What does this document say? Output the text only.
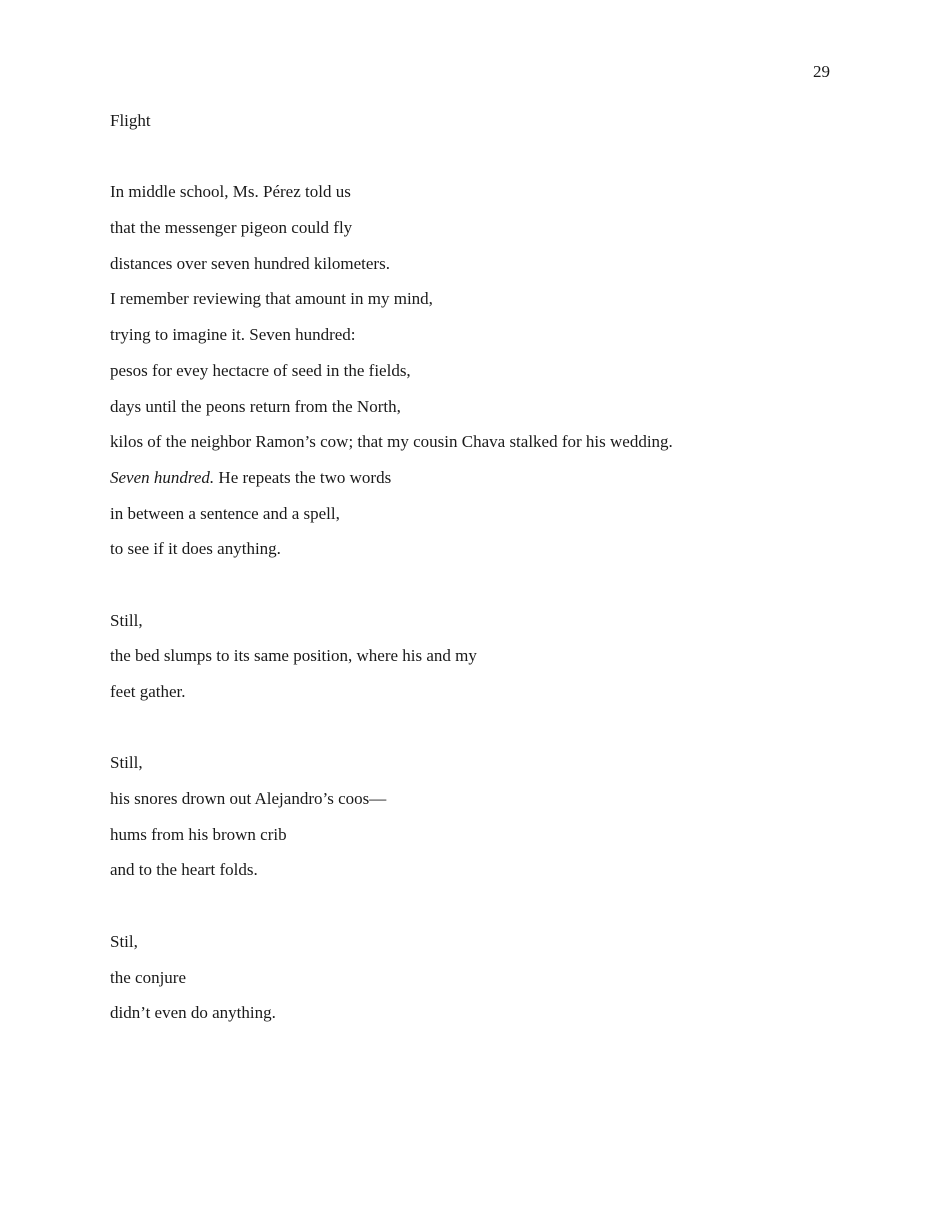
29
Flight
In middle school, Ms. Pérez told us
that the messenger pigeon could fly
distances over seven hundred kilometers.
I remember reviewing that amount in my mind,
trying to imagine it. Seven hundred:
pesos for evey hectacre of seed in the fields,
days until the peons return from the North,
kilos of the neighbor Ramon’s cow; that my cousin Chava stalked for his wedding.
Seven hundred. He repeats the two words
in between a sentence and a spell,
to see if it does anything.
Still,
the bed slumps to its same position, where his and my
feet gather.
Still,
his snores drown out Alejandro’s coos—
hums from his brown crib
and to the heart folds.
Stil,
the conjure
didn’t even do anything.
